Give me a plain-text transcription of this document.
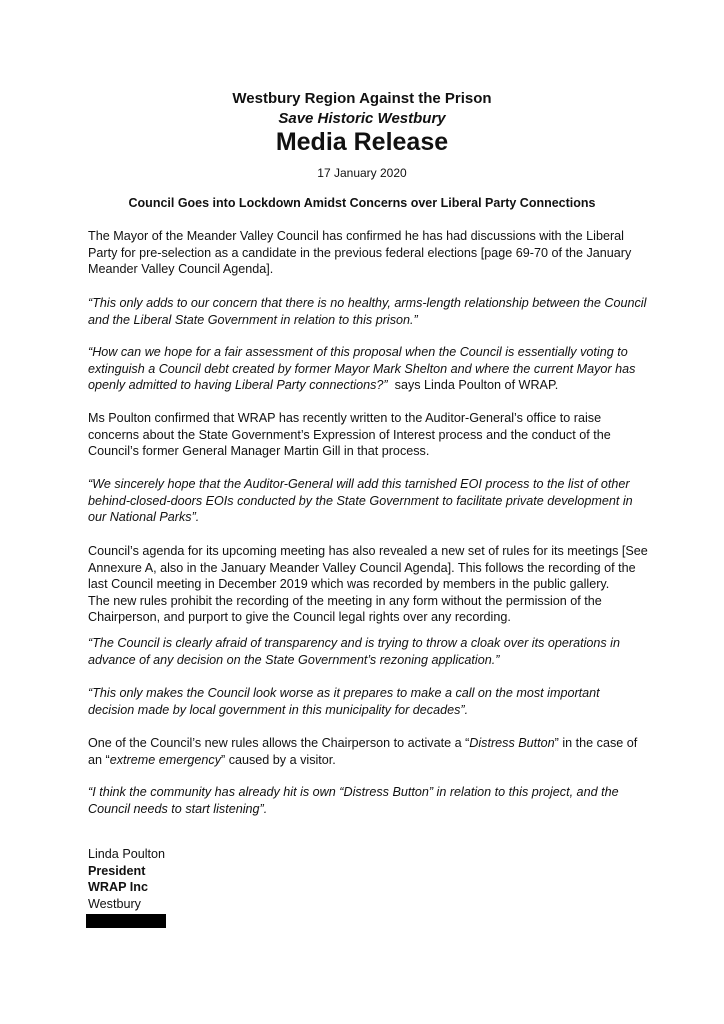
Westbury Region Against the Prison
Save Historic Westbury
Media Release
17 January 2020
Council Goes into Lockdown Amidst Concerns over Liberal Party Connections

The Mayor of the Meander Valley Council has confirmed he has had discussions with the Liberal Party for pre-selection as a candidate in the previous federal elections [page 69-70 of the January Meander Valley Council Agenda].

“This only adds to our concern that there is no healthy, arms-length relationship between the Council and the Liberal State Government in relation to this prison.”

“How can we hope for a fair assessment of this proposal when the Council is essentially voting to extinguish a Council debt created by former Mayor Mark Shelton and where the current Mayor has openly admitted to having Liberal Party connections?” says Linda Poulton of WRAP.

Ms Poulton confirmed that WRAP has recently written to the Auditor-General’s office to raise concerns about the State Government’s Expression of Interest process and the conduct of the Council’s former General Manager Martin Gill in that process.

“We sincerely hope that the Auditor-General will add this tarnished EOI process to the list of other behind-closed-doors EOIs conducted by the State Government to facilitate private development in our National Parks”.

Council’s agenda for its upcoming meeting has also revealed a new set of rules for its meetings [See Annexure A, also in the January Meander Valley Council Agenda]. This follows the recording of the last Council meeting in December 2019 which was recorded by members in the public gallery.

The new rules prohibit the recording of the meeting in any form without the permission of the Chairperson, and purport to give the Council legal rights over any recording.

“The Council is clearly afraid of transparency and is trying to throw a cloak over its operations in advance of any decision on the State Government’s rezoning application.”

“This only makes the Council look worse as it prepares to make a call on the most important decision made by local government in this municipality for decades”.

One of the Council’s new rules allows the Chairperson to activate a “Distress Button” in the case of an “extreme emergency” caused by a visitor.

“I think the community has already hit is own “Distress Button” in relation to this project, and the Council needs to start listening”.

Linda Poulton
President
WRAP Inc
Westbury
